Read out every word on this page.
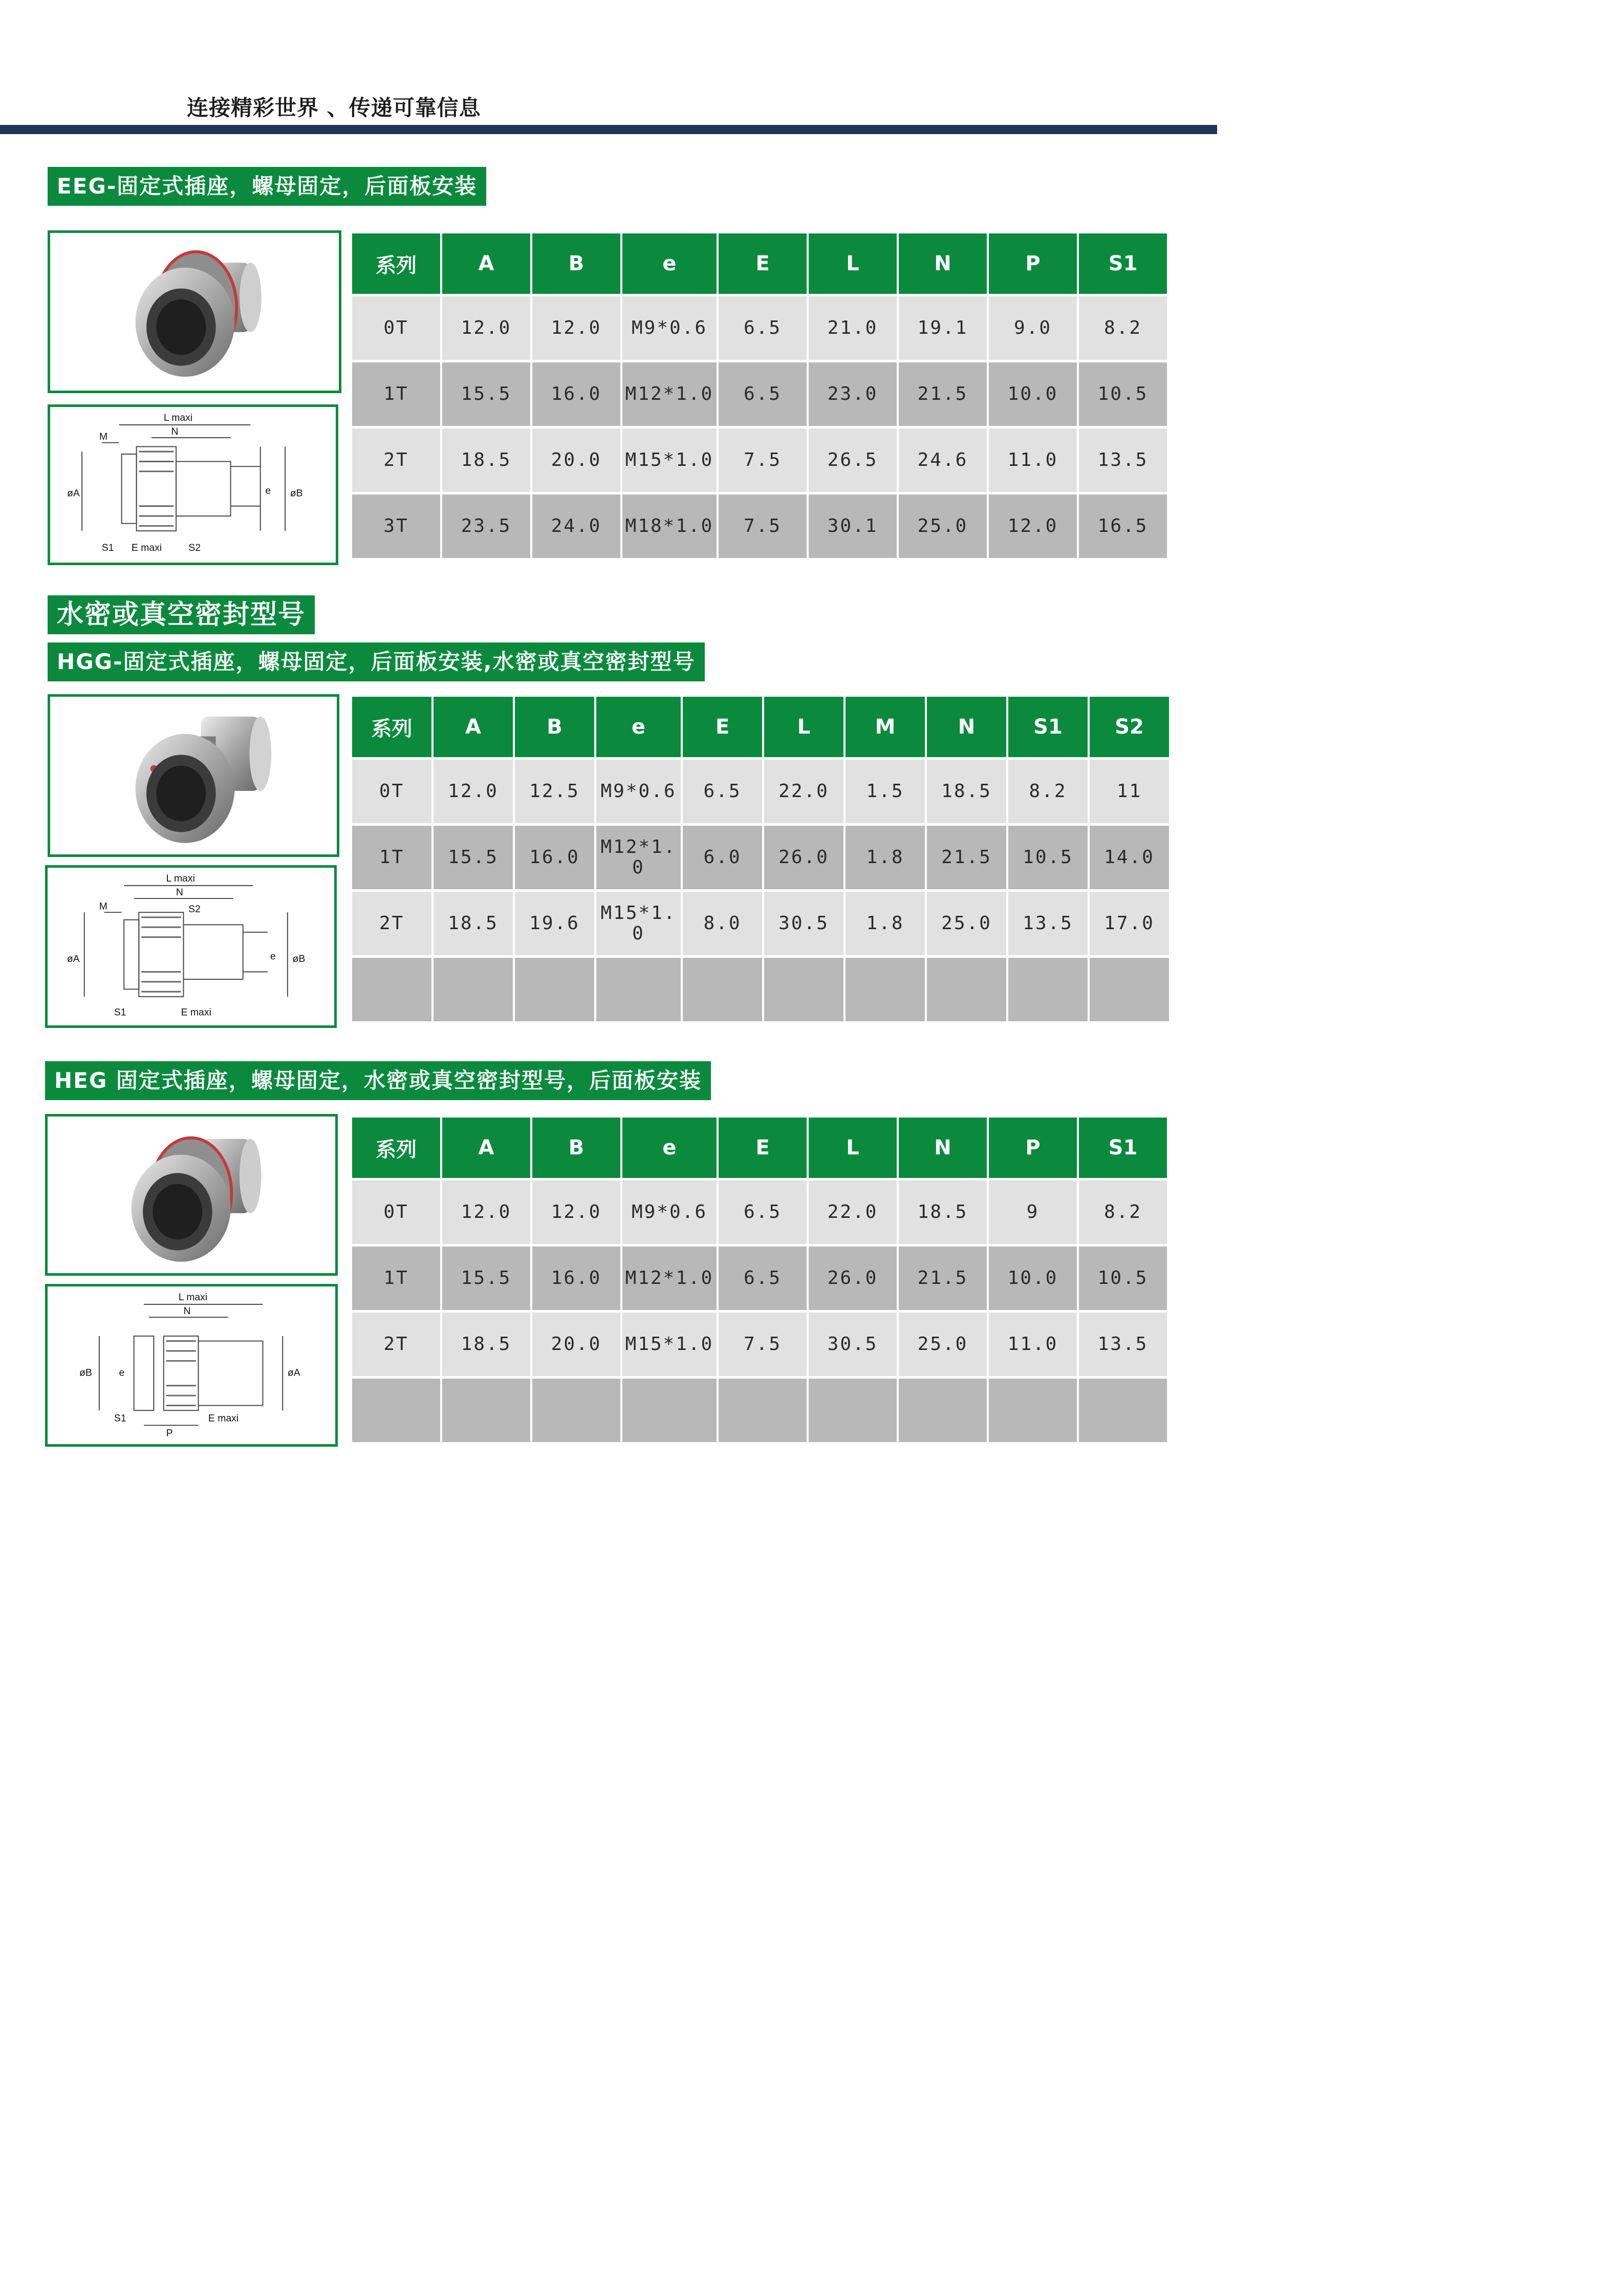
连接精彩世界 、传递可靠信息
EEG-固定式插座，螺母固定，后面板安装
L maxi
N
M
øA	øB
e
S1 E maxi	S2
系列	A	B	e	E	L	N	P	S1
0T	12.0	12.0	M9*0.6	6.5	21.0	19.1	9.0	8.2
1T	15.5	16.0	M12*1.0	6.5	23.0	21.5	10.0	10.5
2T	18.5	20.0	M15*1.0	7.5	26.5	24.6	11.0	13.5
3T	23.5	24.0	M18*1.0	7.5	30.1	25.0	12.0	16.5
水密或真空密封型号
HGG-固定式插座，螺母固定，后面板安装,水密或真空密封型号
L maxi
N
M	S2
øA	øB
e
S1	E maxi
系列	A	B	e	E	L	M	N	S1	S2
0T	12.0	12.5	M9*0.6	6.5	22.0	1.5	18.5	8.2	11
1T	15.5	16.0	M12*1.0	6.0	26.0	1.8	21.5	10.5	14.0
2T	18.5	19.6	M15*1.0	8.0	30.5	1.8	25.0	13.5	17.0

HEG 固定式插座，螺母固定，水密或真空密封型号，后面板安装
L maxi
N
øB	e	øA
S1
P
E maxi
系列	A	B	e	E	L	N	P	S1
0T	12.0	12.0	M9*0.6	6.5	22.0	18.5	9	8.2
1T	15.5	16.0	M12*1.0	6.5	26.0	21.5	10.0	10.5
2T	18.5	20.0	M15*1.0	7.5	30.5	25.0	11.0	13.5
